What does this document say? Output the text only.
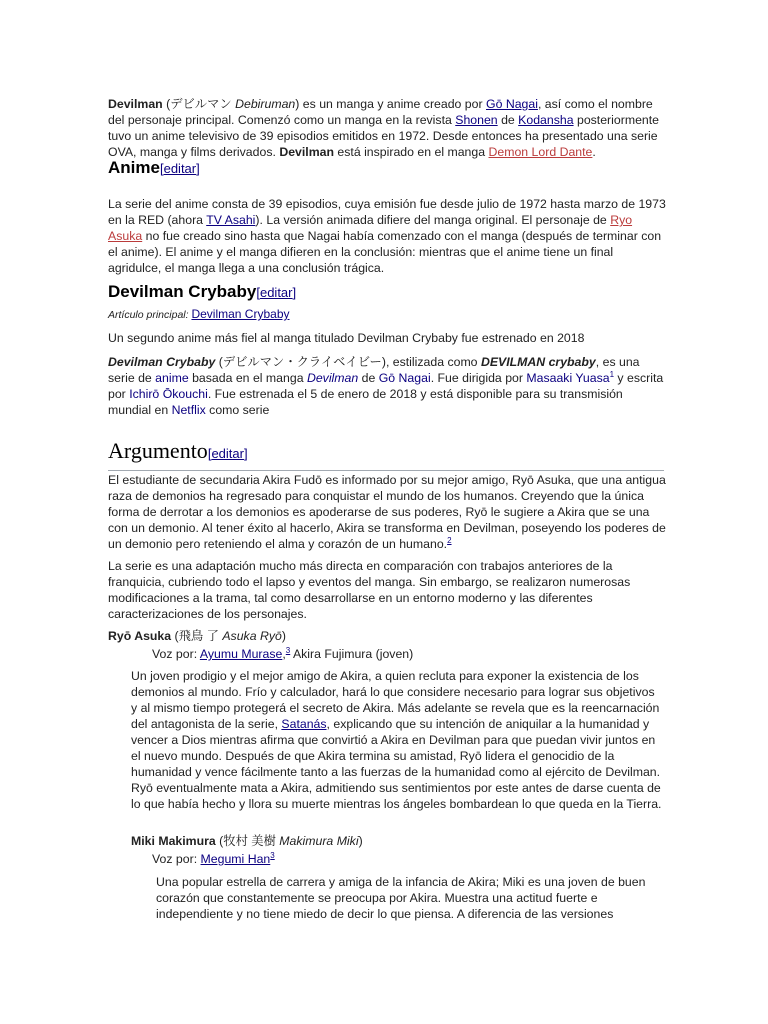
Devilman (デビルマン Debiruman) es un manga y anime creado por Gō Nagai, así como el nombre del personaje principal. Comenzó como un manga en la revista Shonen de Kodansha posteriormente tuvo un anime televisivo de 39 episodios emitidos en 1972. Desde entonces ha presentado una serie OVA, manga y films derivados. Devilman está inspirado en el manga Demon Lord Dante. Anime[editar]

La serie del anime consta de 39 episodios, cuya emisión fue desde julio de 1972 hasta marzo de 1973 en la RED (ahora TV Asahi). La versión animada difiere del manga original. El personaje de Ryo Asuka no fue creado sino hasta que Nagai había comenzado con el manga (después de terminar con el anime). El anime y el manga difieren en la conclusión: mientras que el anime tiene un final agridulce, el manga llega a una conclusión trágica.

Devilman Crybaby[editar]
Artículo principal: Devilman Crybaby

Un segundo anime más fiel al manga titulado Devilman Crybaby fue estrenado en 2018

Devilman Crybaby (デビルマン・クライベイビー), estilizada como DEVILMAN crybaby, es una serie de anime basada en el manga Devilman de Gō Nagai. Fue dirigida por Masaaki Yuasa$^1$ y escrita por Ichirō Ōkouchi. Fue estrenada el 5 de enero de 2018 y está disponible para su transmisión mundial en Netflix como serie

Argumento[editar]

El estudiante de secundaria Akira Fudō es informado por su mejor amigo, Ryō Asuka, que una antigua raza de demonios ha regresado para conquistar el mundo de los humanos. Creyendo que la única forma de derrotar a los demonios es apoderarse de sus poderes, Ryō le sugiere a Akira que se una con un demonio. Al tener éxito al hacerlo, Akira se transforma en Devilman, poseyendo los poderes de un demonio pero reteniendo el alma y corazón de un humano.$^2$

La serie es una adaptación mucho más directa en comparación con trabajos anteriores de la franquicia, cubriendo todo el lapso y eventos del manga. Sin embargo, se realizaron numerosas modificaciones a la trama, tal como desarrollarse en un entorno moderno y las diferentes caracterizaciones de los personajes.

Ryō Asuka (飛鳥 了 Asuka Ryō)
Voz por: Ayumu Murase,$^3$ Akira Fujimura (joven)

Un joven prodigio y el mejor amigo de Akira, a quien recluta para exponer la existencia de los demonios al mundo. Frío y calculador, hará lo que considere necesario para lograr sus objetivos y al mismo tiempo protegerá el secreto de Akira. Más adelante se revela que es la reencarnación del antagonista de la serie, Satanás, explicando que su intención de aniquilar a la humanidad y vencer a Dios mientras afirma que convirtió a Akira en Devilman para que puedan vivir juntos en el nuevo mundo. Después de que Akira termina su amistad, Ryō lidera el genocidio de la humanidad y vence fácilmente tanto a las fuerzas de la humanidad como al ejército de Devilman. Ryō eventualmente mata a Akira, admitiendo sus sentimientos por este antes de darse cuenta de lo que había hecho y llora su muerte mientras los ángeles bombardean lo que queda en la Tierra.

Miki Makimura (牧村 美樹 Makimura Miki)
Voz por: Megumi Han$^3$

Una popular estrella de carrera y amiga de la infancia de Akira; Miki es una joven de buen corazón que constantemente se preocupa por Akira. Muestra una actitud fuerte e independiente y no tiene miedo de decir lo que piensa. A diferencia de las versiones
